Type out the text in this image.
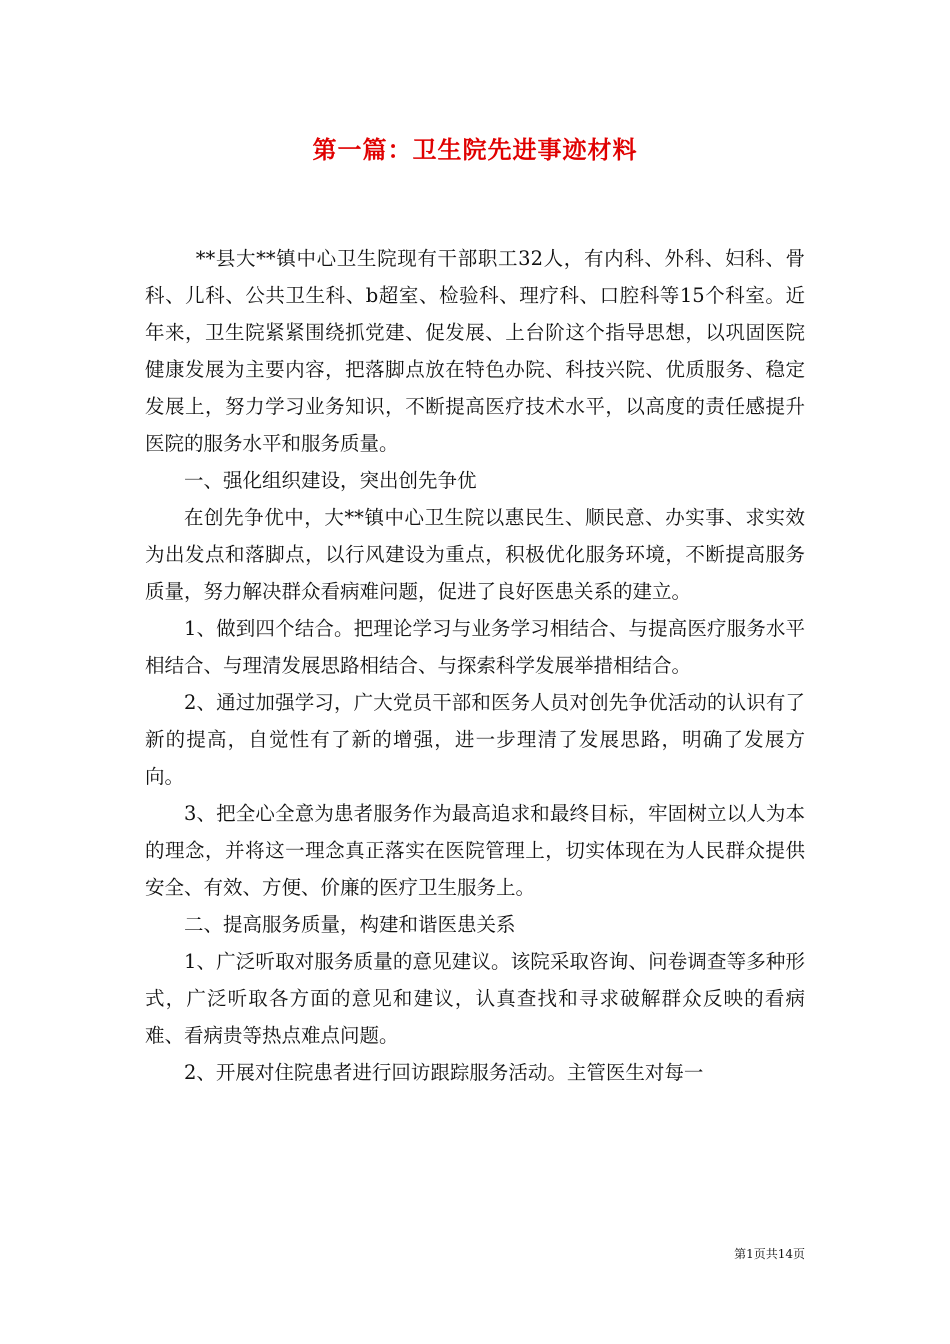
第一篇：卫生院先进事迹材料

**县大**镇中心卫生院现有干部职工32人，有内科、外科、妇科、骨科、儿科、公共卫生科、b超室、检验科、理疗科、口腔科等15个科室。近年来，卫生院紧紧围绕抓党建、促发展、上台阶这个指导思想，以巩固医院健康发展为主要内容，把落脚点放在特色办院、科技兴院、优质服务、稳定发展上，努力学习业务知识，不断提高医疗技术水平，以高度的责任感提升医院的服务水平和服务质量。

一、强化组织建设，突出创先争优

在创先争优中，大**镇中心卫生院以惠民生、顺民意、办实事、求实效为出发点和落脚点，以行风建设为重点，积极优化服务环境，不断提高服务质量，努力解决群众看病难问题，促进了良好医患关系的建立。

1、做到四个结合。把理论学习与业务学习相结合、与提高医疗服务水平相结合、与理清发展思路相结合、与探索科学发展举措相结合。

2、通过加强学习，广大党员干部和医务人员对创先争优活动的认识有了新的提高，自觉性有了新的增强，进一步理清了发展思路，明确了发展方向。

3、把全心全意为患者服务作为最高追求和最终目标，牢固树立以人为本的理念，并将这一理念真正落实在医院管理上，切实体现在为人民群众提供安全、有效、方便、价廉的医疗卫生服务上。

二、提高服务质量，构建和谐医患关系

1、广泛听取对服务质量的意见建议。该院采取咨询、问卷调查等多种形式，广泛听取各方面的意见和建议，认真查找和寻求破解群众反映的看病难、看病贵等热点难点问题。

2、开展对住院患者进行回访跟踪服务活动。主管医生对每一

第1页共14页
